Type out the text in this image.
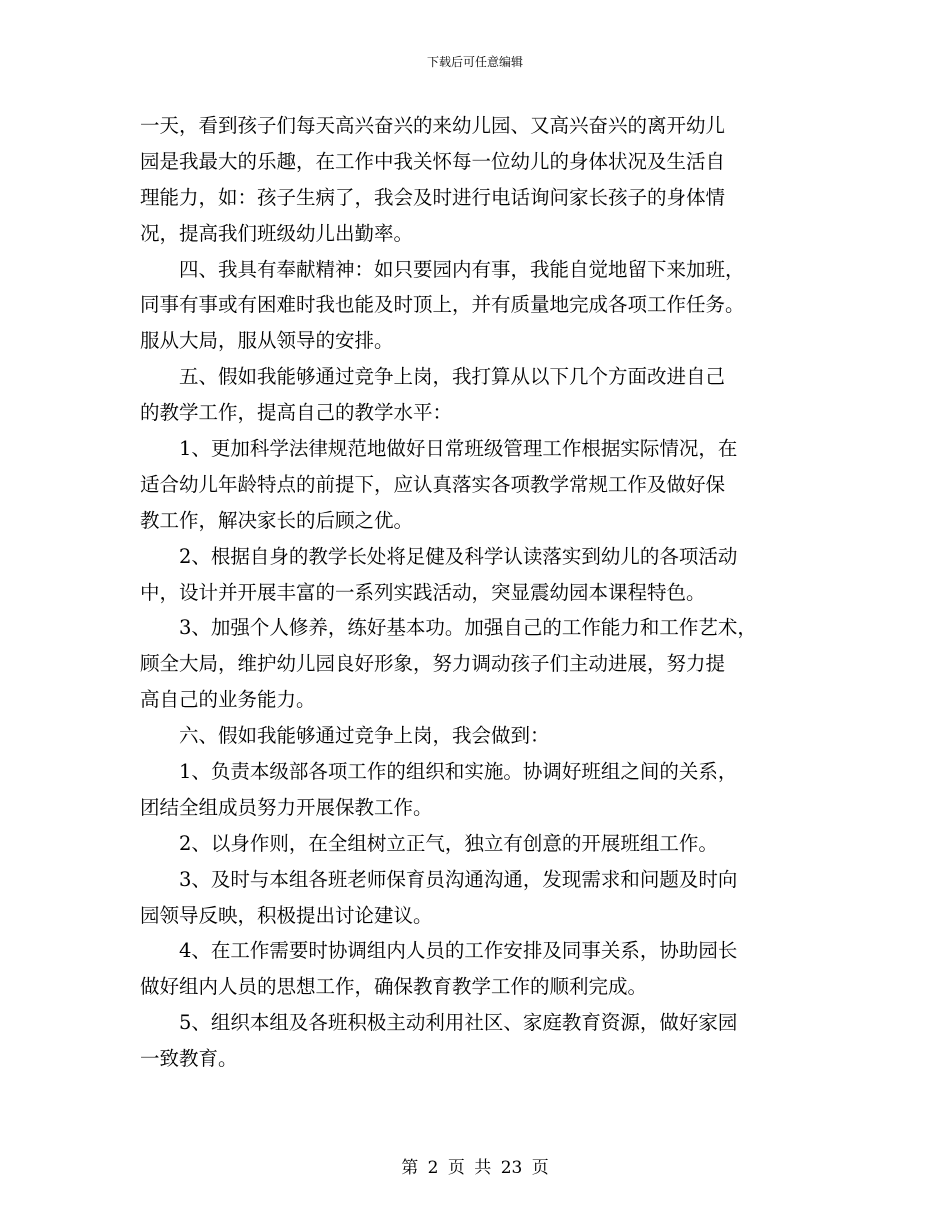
下载后可任意编辑
一天，看到孩子们每天高兴奋兴的来幼儿园、又高兴奋兴的离开幼儿
园是我最大的乐趣，在工作中我关怀每一位幼儿的身体状况及生活自
理能力，如：孩子生病了，我会及时进行电话询问家长孩子的身体情
况，提高我们班级幼儿出勤率。
四、我具有奉献精神：如只要园内有事，我能自觉地留下来加班，
同事有事或有困难时我也能及时顶上，并有质量地完成各项工作任务。
服从大局，服从领导的安排。
五、假如我能够通过竞争上岗，我打算从以下几个方面改进自己
的教学工作，提高自己的教学水平：
1、更加科学法律规范地做好日常班级管理工作根据实际情况，在
适合幼儿年龄特点的前提下，应认真落实各项教学常规工作及做好保
教工作，解决家长的后顾之优。
2、根据自身的教学长处将足健及科学认读落实到幼儿的各项活动
中，设计并开展丰富的一系列实践活动，突显震幼园本课程特色。
3、加强个人修养，练好基本功。加强自己的工作能力和工作艺术，
顾全大局，维护幼儿园良好形象，努力调动孩子们主动进展，努力提
高自己的业务能力。
六、假如我能够通过竞争上岗，我会做到：
1、负责本级部各项工作的组织和实施。协调好班组之间的关系，
团结全组成员努力开展保教工作。
2、以身作则，在全组树立正气，独立有创意的开展班组工作。
3、及时与本组各班老师保育员沟通沟通，发现需求和问题及时向
园领导反映，积极提出讨论建议。
4、在工作需要时协调组内人员的工作安排及同事关系，协助园长
做好组内人员的思想工作，确保教育教学工作的顺利完成。
5、组织本组及各班积极主动利用社区、家庭教育资源，做好家园
一致教育。
第 2 页 共 23 页
